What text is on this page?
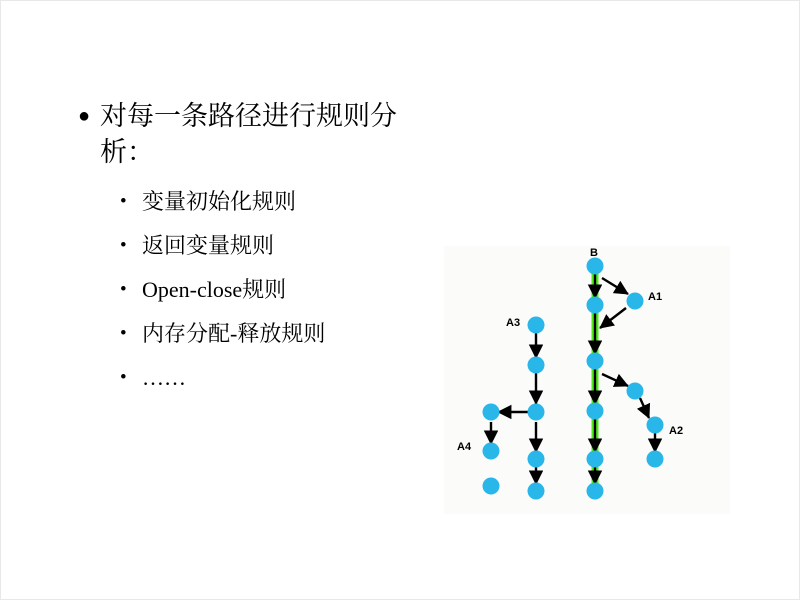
● 对每一条路径进行规则分析：
• 变量初始化规则
• 返回变量规则
• Open-close规则
• 内存分配-释放规则
• ……
B
A1
A3
A2
A4
